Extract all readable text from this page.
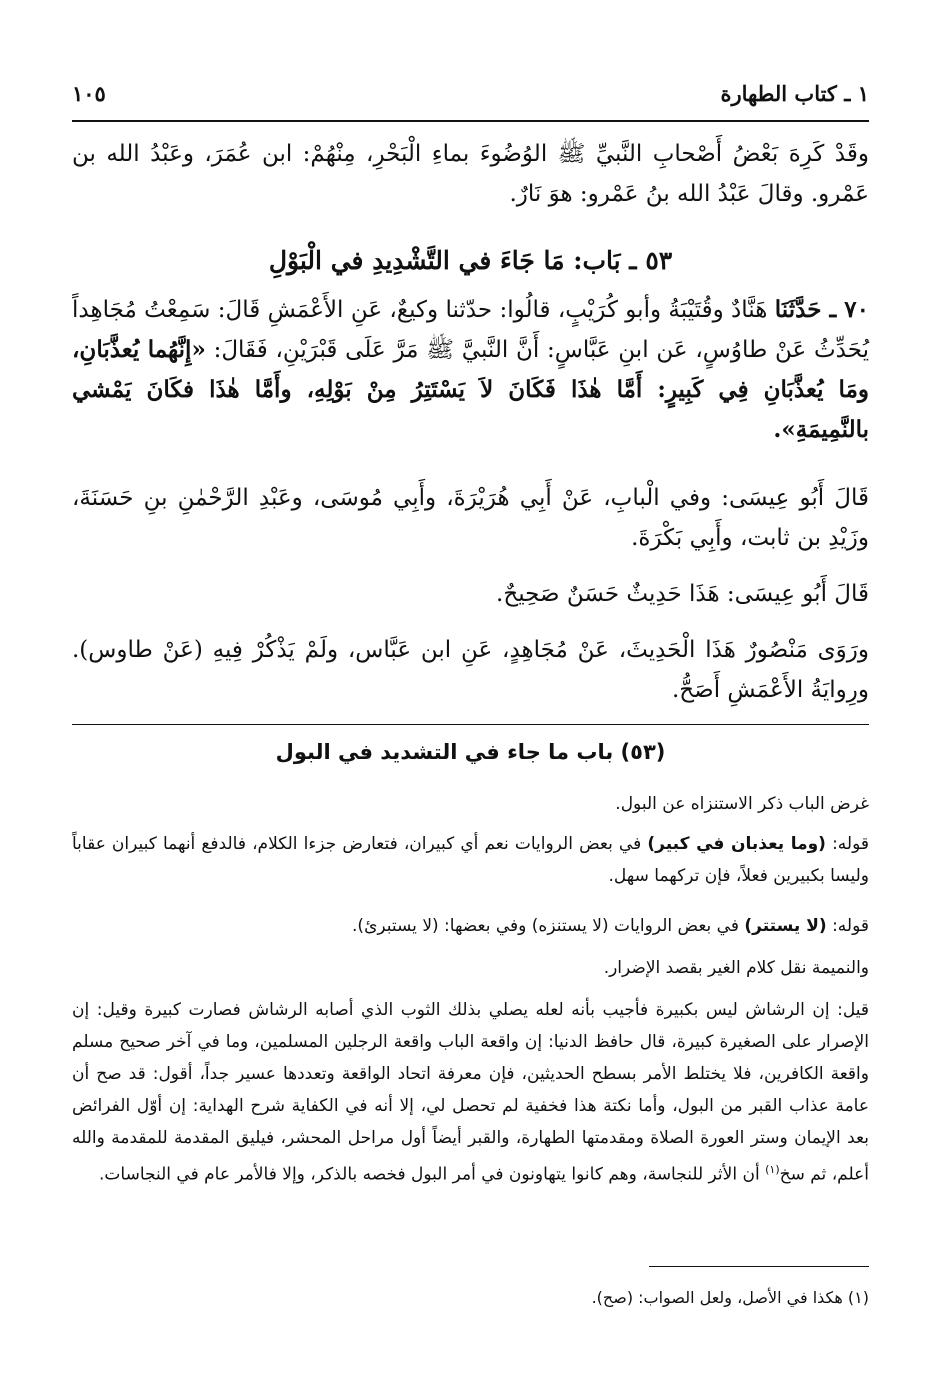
١ ـ كتاب الطهارة
١٠٥

وقَدْ كَرِهَ بَعْضُ أَصْحابِ النَّبيِّ ﷺ الوُضُوءَ بماءِ الْبَحْرِ، مِنْهُمْ: ابن عُمَرَ، وعَبْدُ الله بن عَمْرو. وقالَ عَبْدُ الله بنُ عَمْرو: هوَ نَارٌ.

٥٣ ـ بَاب: مَا جَاءَ في التَّشْدِيدِ في الْبَوْلِ

٧٠ ـ حَدَّثَنَا هَنَّادٌ وقُتَيْبَةُ وأبو كُرَيْبٍ، قالُوا: حدّثنا وكيعٌ، عَنِ الأَعْمَشِ قَالَ: سَمِعْتُ مُجَاهِداً يُحَدِّثُ عَنْ طاوُسٍ، عَن ابنِ عَبَّاسٍ: أَنَّ النَّبيَّ ﷺ مَرَّ عَلَى قَبْرَيْنِ، فَقَالَ: «إِنَّهُما يُعذَّبَانِ، ومَا يُعذَّبَانِ فِي كَبِيرٍ: أَمَّا هٰذَا فَكَانَ لاَ يَسْتَتِرُ مِنْ بَوْلِهِ، وأَمَّا هٰذَا فكَانَ يَمْشي بالنَّمِيمَةِ».

قَالَ أَبُو عِيسَى: وفي الْبابِ، عَنْ أَبِي هُرَيْرَةَ، وأَبِي مُوسَى، وعَبْدِ الرَّحْمٰنِ بنِ حَسَنَةَ، وزَيْدِ بن ثابت، وأَبِي بَكْرَةَ.

قَالَ أَبُو عِيسَى: هَذَا حَدِيثٌ حَسَنٌ صَحِيحٌ.

ورَوَى مَنْصُورٌ هَذَا الْحَدِيثَ، عَنْ مُجَاهِدٍ، عَنِ ابن عَبَّاس، ولَمْ يَذْكُرْ فِيهِ (عَنْ طاوس). ورِوايَةُ الأَعْمَشِ أَصَحُّ.

(٥٣) باب ما جاء في التشديد في البول

غرض الباب ذكر الاستنزاه عن البول.

قوله: (وما يعذبان في كبير) في بعض الروايات نعم أي كبيران، فتعارض جزءا الكلام، فالدفع أنهما كبيران عقاباً وليسا بكبيرين فعلاً، فإن تركهما سهل.

قوله: (لا يستتر) في بعض الروايات (لا يستنزه) وفي بعضها: (لا يستبرئ).

والنميمة نقل كلام الغير بقصد الإضرار.

قيل: إن الرشاش ليس بكبيرة فأجيب بأنه لعله يصلي بذلك الثوب الذي أصابه الرشاش فصارت كبيرة وقيل: إن الإصرار على الصغيرة كبيرة، قال حافظ الدنيا: إن واقعة الباب واقعة الرجلين المسلمين، وما في آخر صحيح مسلم واقعة الكافرين، فلا يختلط الأمر بسطح الحديثين، فإن معرفة اتحاد الواقعة وتعددها عسير جداً، أقول: قد صح أن عامة عذاب القبر من البول، وأما نكتة هذا فخفية لم تحصل لي، إلا أنه في الكفاية شرح الهداية: إن أوّل الفرائض بعد الإيمان وستر العورة الصلاة ومقدمتها الطهارة، والقبر أيضاً أول مراحل المحشر، فيليق المقدمة للمقدمة والله أعلم، ثم سخ$^{(١)}$ أن الأثر للنجاسة، وهم كانوا يتهاونون في أمر البول فخصه بالذكر، وإلا فالأمر عام في النجاسات.

(١) هكذا في الأصل، ولعل الصواب: (صح).
